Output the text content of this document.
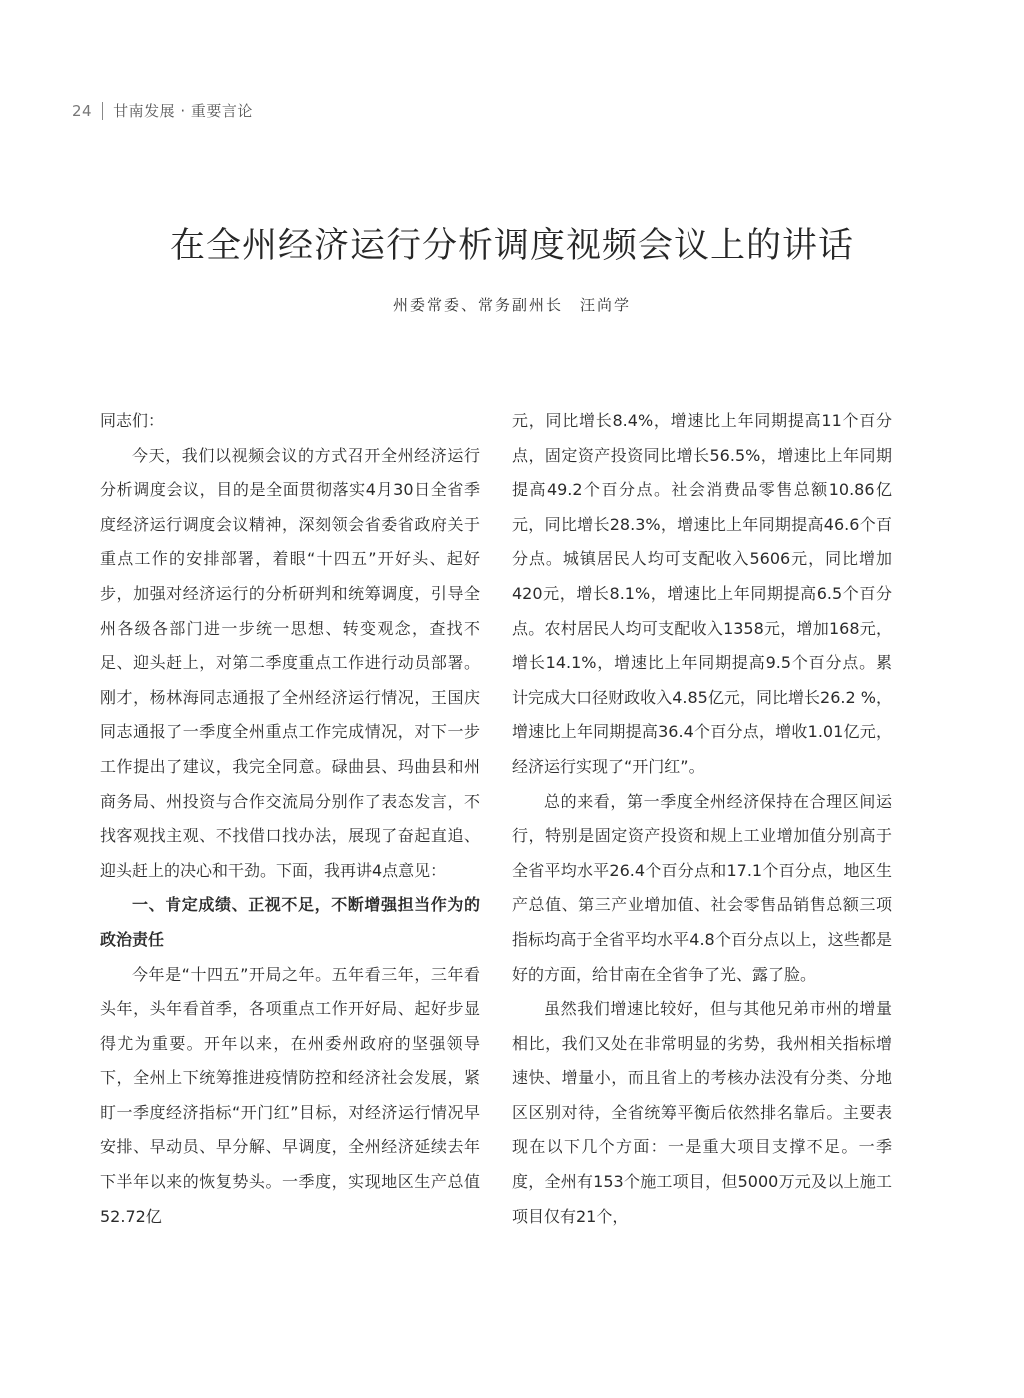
24 甘南发展 · 重要言论
在全州经济运行分析调度视频会议上的讲话
州委常委、常务副州长　汪尚学

同志们：

今天，我们以视频会议的方式召开全州经济运行分析调度会议，目的是全面贯彻落实4月30日全省季度经济运行调度会议精神，深刻领会省委省政府关于重点工作的安排部署，着眼“十四五”开好头、起好步，加强对经济运行的分析研判和统筹调度，引导全州各级各部门进一步统一思想、转变观念，查找不足、迎头赶上，对第二季度重点工作进行动员部署。刚才，杨林海同志通报了全州经济运行情况，王国庆同志通报了一季度全州重点工作完成情况，对下一步工作提出了建议，我完全同意。碌曲县、玛曲县和州商务局、州投资与合作交流局分别作了表态发言，不找客观找主观、不找借口找办法，展现了奋起直追、迎头赶上的决心和干劲。下面，我再讲4点意见：

一、肯定成绩、正视不足，不断增强担当作为的政治责任

今年是“十四五”开局之年。五年看三年，三年看头年，头年看首季，各项重点工作开好局、起好步显得尤为重要。开年以来，在州委州政府的坚强领导下，全州上下统筹推进疫情防控和经济社会发展，紧盯一季度经济指标“开门红”目标，对经济运行情况早安排、早动员、早分解、早调度，全州经济延续去年下半年以来的恢复势头。一季度，实现地区生产总值52.72亿

元，同比增长8.4%，增速比上年同期提高11个百分点，固定资产投资同比增长56.5%，增速比上年同期提高49.2个百分点。社会消费品零售总额10.86亿元，同比增长28.3%，增速比上年同期提高46.6个百分点。城镇居民人均可支配收入5606元，同比增加420元，增长8.1%，增速比上年同期提高6.5个百分点。农村居民人均可支配收入1358元，增加168元，增长14.1%，增速比上年同期提高9.5个百分点。累计完成大口径财政收入4.85亿元，同比增长26.2 %，增速比上年同期提高36.4个百分点，增收1.01亿元，经济运行实现了“开门红”。

总的来看，第一季度全州经济保持在合理区间运行，特别是固定资产投资和规上工业增加值分别高于全省平均水平26.4个百分点和17.1个百分点，地区生产总值、第三产业增加值、社会零售品销售总额三项指标均高于全省平均水平4.8个百分点以上，这些都是好的方面，给甘南在全省争了光、露了脸。

虽然我们增速比较好，但与其他兄弟市州的增量相比，我们又处在非常明显的劣势，我州相关指标增速快、增量小，而且省上的考核办法没有分类、分地区区别对待，全省统筹平衡后依然排名靠后。主要表现在以下几个方面：一是重大项目支撑不足。一季度，全州有153个施工项目，但5000万元及以上施工项目仅有21个，
